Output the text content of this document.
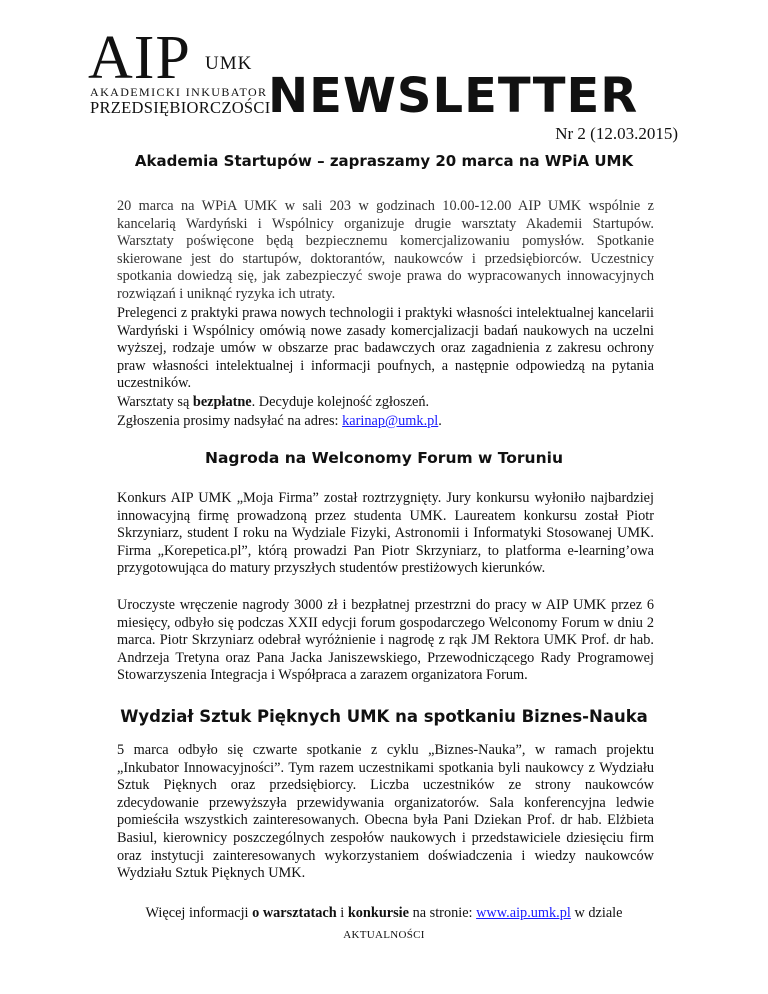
AIP UMK
AKADEMICKI INKUBATOR
PRZEDSIĘBIORCZOŚCI
NEWSLETTER
Nr 2 (12.03.2015)
Akademia Startupów – zapraszamy 20 marca na WPiA UMK
20 marca na WPiA UMK w sali 203 w godzinach 10.00-12.00 AIP UMK wspólnie z kancelarią Wardyński i Wspólnicy organizuje drugie warsztaty Akademii Startupów. Warsztaty poświęcone będą bezpiecznemu komercjalizowaniu pomysłów. Spotkanie skierowane jest do startupów, doktorantów, naukowców i przedsiębiorców. Uczestnicy spotkania dowiedzą się, jak zabezpieczyć swoje prawa do wypracowanych innowacyjnych rozwiązań i uniknąć ryzyka ich utraty.
Prelegenci z praktyki prawa nowych technologii i praktyki własności intelektualnej kancelarii Wardyński i Wspólnicy omówią nowe zasady komercjalizacji badań naukowych na uczelni wyższej, rodzaje umów w obszarze prac badawczych oraz zagadnienia z zakresu ochrony praw własności intelektualnej i informacji poufnych, a następnie odpowiedzą na pytania uczestników.
Warsztaty są bezpłatne. Decyduje kolejność zgłoszeń.
Zgłoszenia prosimy nadsyłać na adres: karinap@umk.pl.
Nagroda na Welconomy Forum w Toruniu
Konkurs AIP UMK „Moja Firma” został roztrzygnięty. Jury konkursu wyłoniło najbardziej innowacyjną firmę prowadzoną przez studenta UMK. Laureatem konkursu został Piotr Skrzyniarz, student I roku na Wydziale Fizyki, Astronomii i Informatyki Stosowanej UMK. Firma „Korepetica.pl”, którą prowadzi Pan Piotr Skrzyniarz, to platforma e-learning’owa przygotowująca do matury przyszłych studentów prestiżowych kierunków.
Uroczyste wręczenie nagrody 3000 zł i bezpłatnej przestrzni do pracy w AIP UMK przez 6 miesięcy, odbyło się podczas XXII edycji forum gospodarczego Welconomy Forum w dniu 2 marca. Piotr Skrzyniarz odebrał wyróżnienie i nagrodę z rąk JM Rektora UMK Prof. dr hab. Andrzeja Tretyna oraz Pana Jacka Janiszewskiego, Przewodniczącego Rady Programowej Stowarzyszenia Integracja i Współpraca a zarazem organizatora Forum.
Wydział Sztuk Pięknych UMK na spotkaniu Biznes-Nauka
5 marca odbyło się czwarte spotkanie z cyklu „Biznes-Nauka”, w ramach projektu „Inkubator Innowacyjności”. Tym razem uczestnikami spotkania byli naukowcy z Wydziału Sztuk Pięknych oraz przedsiębiorcy. Liczba uczestników ze strony naukowców zdecydowanie przewyższyła przewidywania organizatorów. Sala konferencyjna ledwie pomieściła wszystkich zainteresowanych. Obecna była Pani Dziekan Prof. dr hab. Elżbieta Basiul, kierownicy poszczególnych zespołów naukowych i przedstawiciele dziesięciu firm oraz instytucji zainteresowanych wykorzystaniem doświadczenia i wiedzy naukowców Wydziału Sztuk Pięknych UMK.
Więcej informacji o warsztatach i konkursie na stronie: www.aip.umk.pl w dziale
AKTUALNOŚCI
